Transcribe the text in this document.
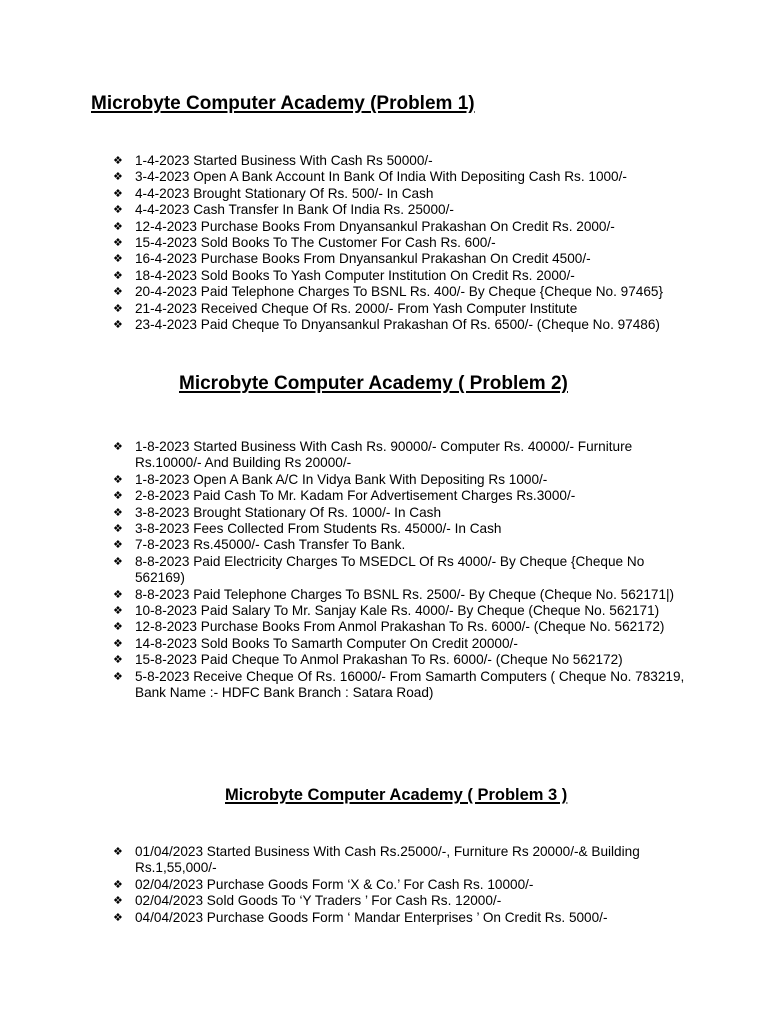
Microbyte Computer Academy (Problem 1)
❖ 1-4-2023 Started Business With Cash Rs 50000/-
❖ 3-4-2023 Open A Bank Account In Bank Of India With Depositing Cash Rs. 1000/-
❖ 4-4-2023 Brought Stationary Of Rs. 500/- In Cash
❖ 4-4-2023 Cash Transfer In Bank Of India Rs. 25000/-
❖ 12-4-2023 Purchase Books From Dnyansankul Prakashan On Credit Rs. 2000/-
❖ 15-4-2023 Sold Books To The Customer For Cash Rs. 600/-
❖ 16-4-2023 Purchase Books From Dnyansankul Prakashan On Credit 4500/-
❖ 18-4-2023 Sold Books To Yash Computer Institution On Credit Rs. 2000/-
❖ 20-4-2023 Paid Telephone Charges To BSNL Rs. 400/- By Cheque {Cheque No. 97465}
❖ 21-4-2023 Received Cheque Of Rs. 2000/- From Yash Computer Institute
❖ 23-4-2023 Paid Cheque To Dnyansankul Prakashan Of Rs. 6500/- (Cheque No. 97486)
Microbyte Computer Academy ( Problem 2)
❖ 1-8-2023 Started Business With Cash Rs. 90000/- Computer Rs. 40000/- Furniture Rs.10000/- And Building Rs 20000/-
❖ 1-8-2023 Open A Bank A/C In Vidya Bank With Depositing Rs 1000/-
❖ 2-8-2023 Paid Cash To Mr. Kadam For Advertisement Charges Rs.3000/-
❖ 3-8-2023 Brought Stationary Of Rs. 1000/- In Cash
❖ 3-8-2023 Fees Collected From Students Rs. 45000/- In Cash
❖ 7-8-2023 Rs.45000/- Cash Transfer To Bank.
❖ 8-8-2023 Paid Electricity Charges To MSEDCL Of Rs 4000/- By Cheque {Cheque No 562169)
❖ 8-8-2023 Paid Telephone Charges To BSNL Rs. 2500/- By Cheque (Cheque No. 562171|)
❖ 10-8-2023 Paid Salary To Mr. Sanjay Kale Rs. 4000/- By Cheque (Cheque No. 562171)
❖ 12-8-2023 Purchase Books From Anmol Prakashan To Rs. 6000/- (Cheque No. 562172)
❖ 14-8-2023 Sold Books To Samarth Computer On Credit 20000/-
❖ 15-8-2023 Paid Cheque To Anmol Prakashan To Rs. 6000/- (Cheque No 562172)
❖ 5-8-2023 Receive Cheque Of Rs. 16000/- From Samarth Computers ( Cheque No. 783219, Bank Name :- HDFC Bank Branch : Satara Road)
Microbyte Computer Academy ( Problem 3 )
❖ 01/04/2023 Started Business With Cash Rs.25000/-, Furniture Rs 20000/-& Building Rs.1,55,000/-
❖ 02/04/2023 Purchase Goods Form ‘X & Co.’ For Cash Rs. 10000/-
❖ 02/04/2023 Sold Goods To ‘Y Traders ’ For Cash Rs. 12000/-
❖ 04/04/2023 Purchase Goods Form ‘ Mandar Enterprises ’ On Credit Rs. 5000/-
